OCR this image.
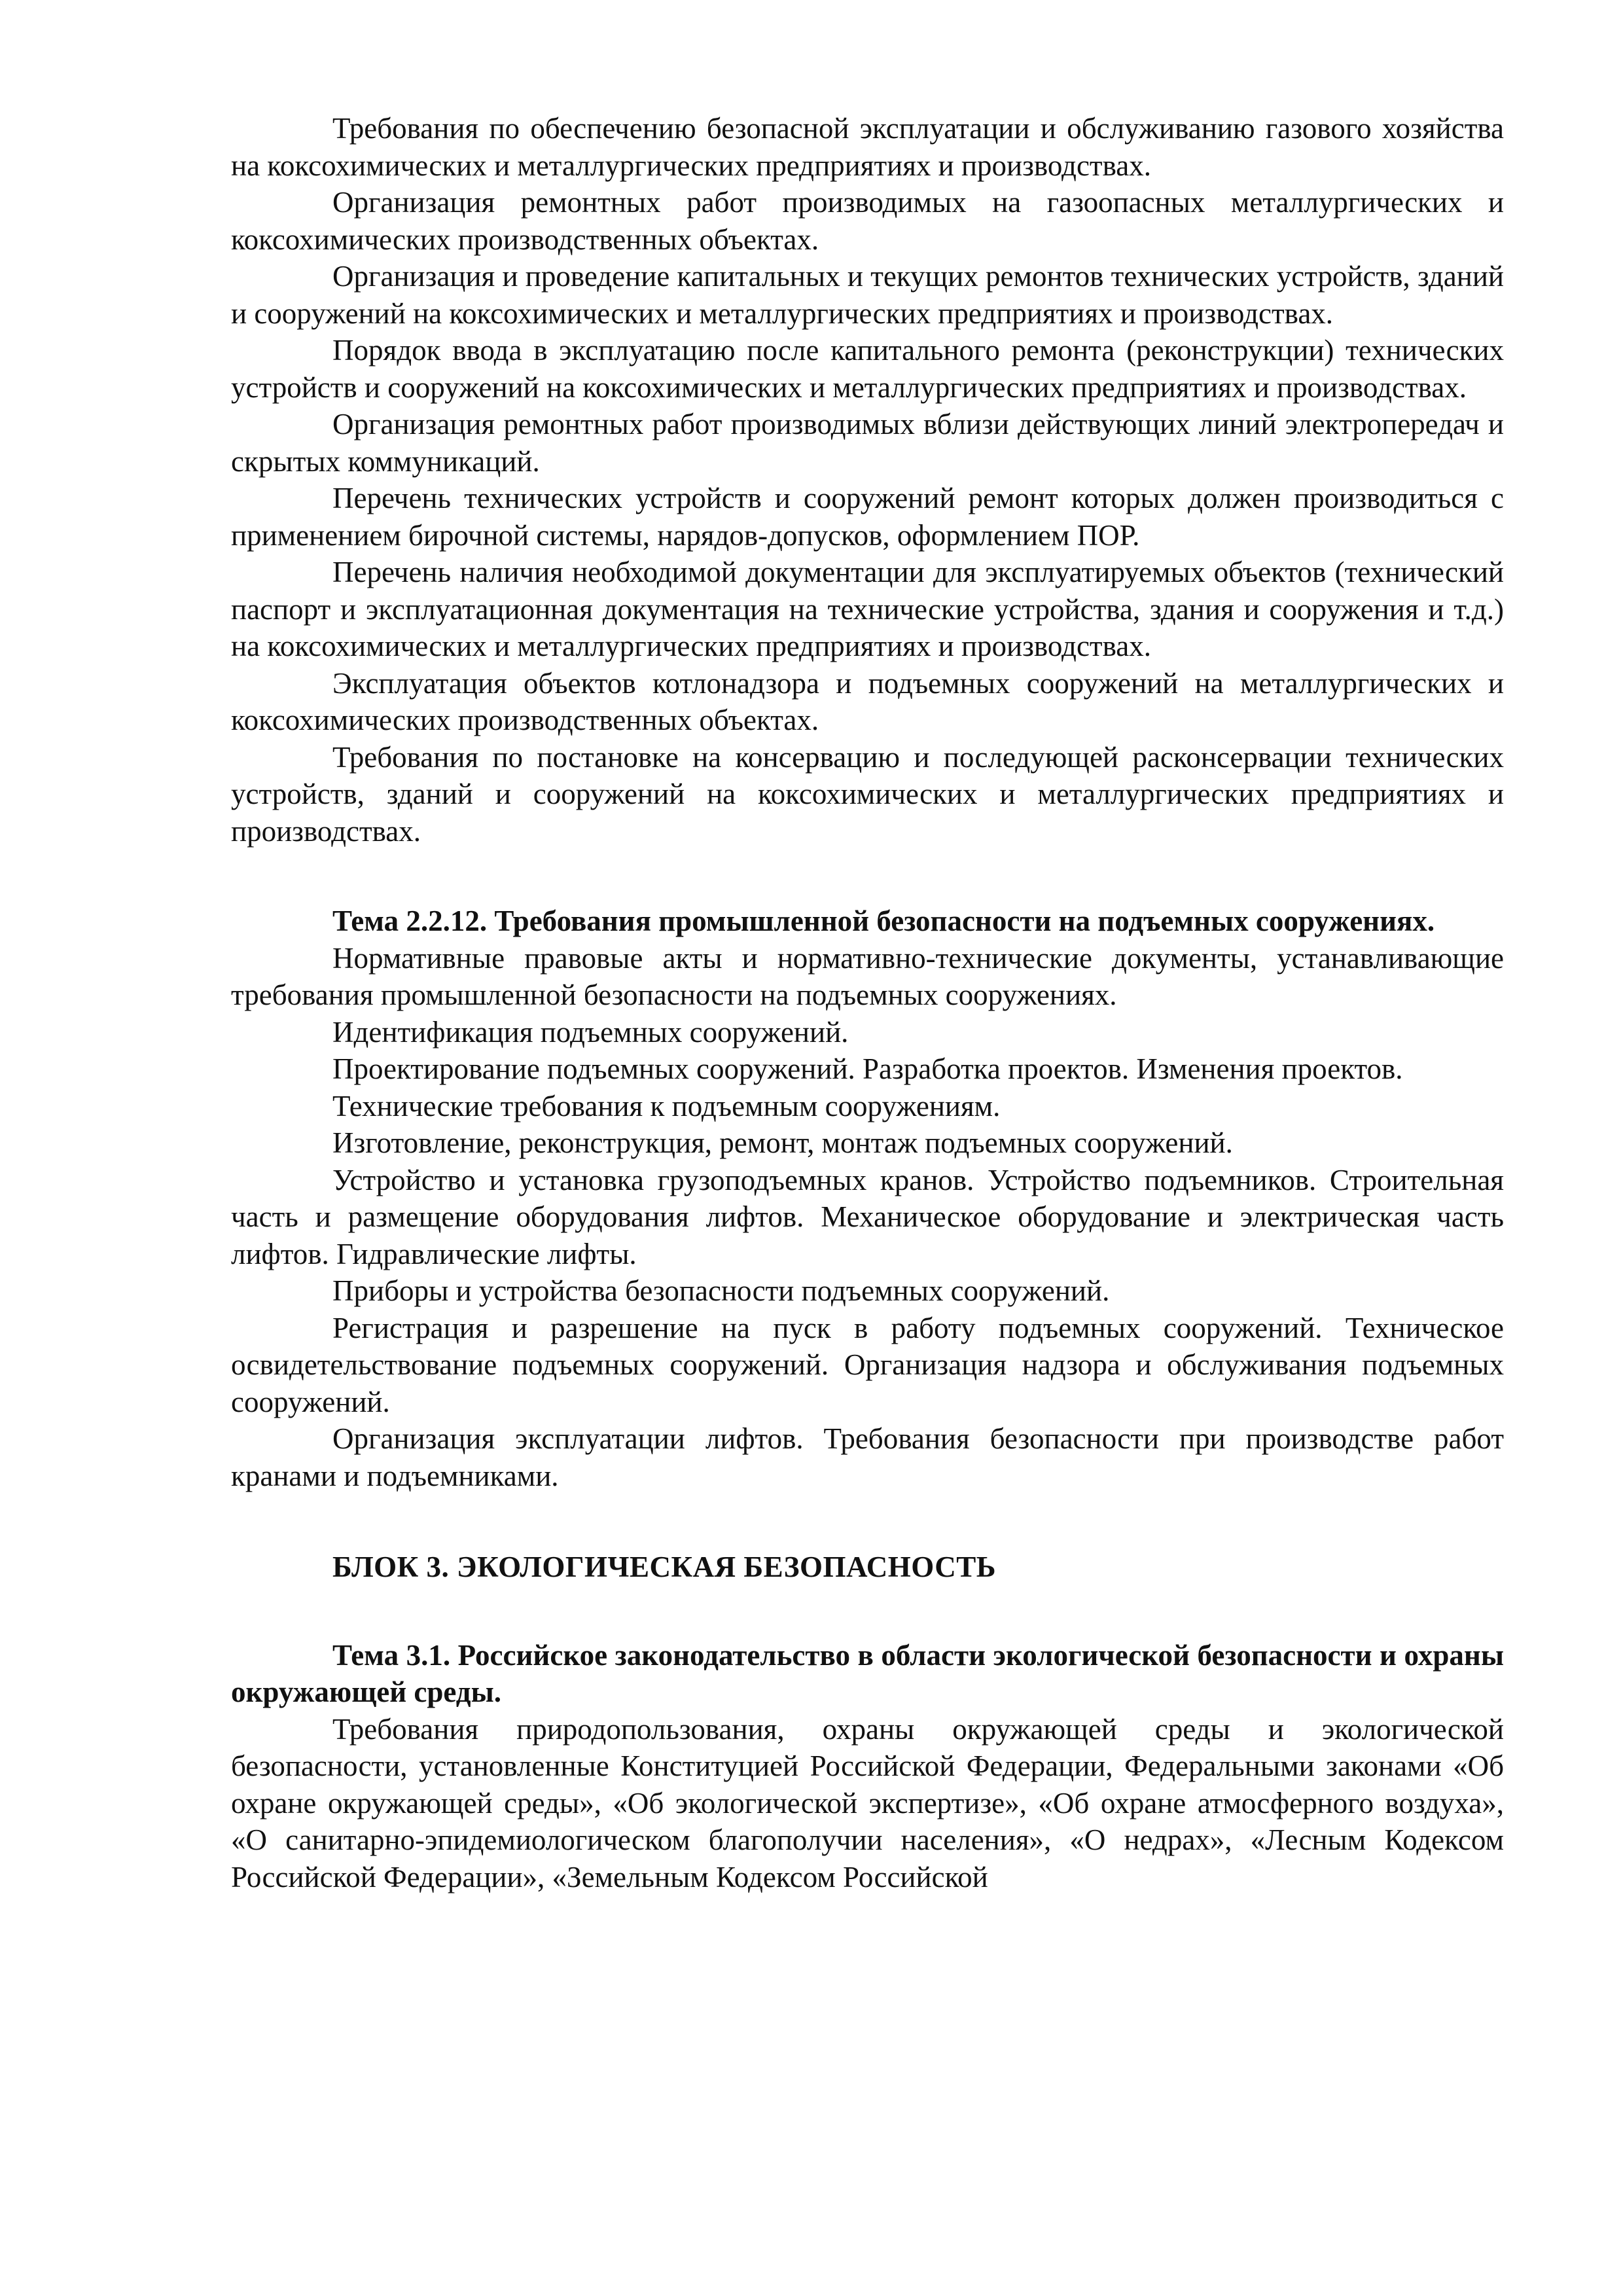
Требования по обеспечению безопасной эксплуатации и обслуживанию газового хозяйства на коксохимических и металлургических предприятиях и производствах.

Организация ремонтных работ производимых на газоопасных металлургических и коксохимических производственных объектах.

Организация и проведение капитальных и текущих ремонтов технических устройств, зданий и сооружений на коксохимических и металлургических предприятиях и производствах.

Порядок ввода в эксплуатацию после капитального ремонта (реконструкции) технических устройств и сооружений на коксохимических и металлургических предприятиях и производствах.

Организация ремонтных работ производимых вблизи действующих линий электропередач и скрытых коммуникаций.

Перечень технических устройств и сооружений ремонт которых должен производиться с применением бирочной системы, нарядов-допусков, оформлением ПОР.

Перечень наличия необходимой документации для эксплуатируемых объектов (технический паспорт и эксплуатационная документация на технические устройства, здания и сооружения и т.д.) на коксохимических и металлургических предприятиях и производствах.

Эксплуатация объектов котлонадзора и подъемных сооружений на металлургических и коксохимических производственных объектах.

Требования по постановке на консервацию и последующей расконсервации технических устройств, зданий и сооружений на коксохимических и металлургических предприятиях и производствах.

Тема 2.2.12. Требования промышленной безопасности на подъемных сооружениях.

Нормативные правовые акты и нормативно-технические документы, устанавливающие требования промышленной безопасности на подъемных сооружениях.

Идентификация подъемных сооружений.

Проектирование подъемных сооружений. Разработка проектов. Изменения проектов.

Технические требования к подъемным сооружениям.

Изготовление, реконструкция, ремонт, монтаж подъемных сооружений.

Устройство и установка грузоподъемных кранов. Устройство подъемников. Строительная часть и размещение оборудования лифтов. Механическое оборудование и электрическая часть лифтов. Гидравлические лифты.

Приборы и устройства безопасности подъемных сооружений.

Регистрация и разрешение на пуск в работу подъемных сооружений. Техническое освидетельствование подъемных сооружений. Организация надзора и обслуживания подъемных сооружений.

Организация эксплуатации лифтов. Требования безопасности при производстве работ кранами и подъемниками.

БЛОК 3. ЭКОЛОГИЧЕСКАЯ БЕЗОПАСНОСТЬ

Тема 3.1. Российское законодательство в области экологической безопасности и охраны окружающей среды.

Требования природопользования, охраны окружающей среды и экологической безопасности, установленные Конституцией Российской Федерации, Федеральными законами «Об охране окружающей среды», «Об экологической экспертизе», «Об охране атмосферного воздуха», «О санитарно-эпидемиологическом благополучии населения», «О недрах», «Лесным Кодексом Российской Федерации», «Земельным Кодексом Российской
